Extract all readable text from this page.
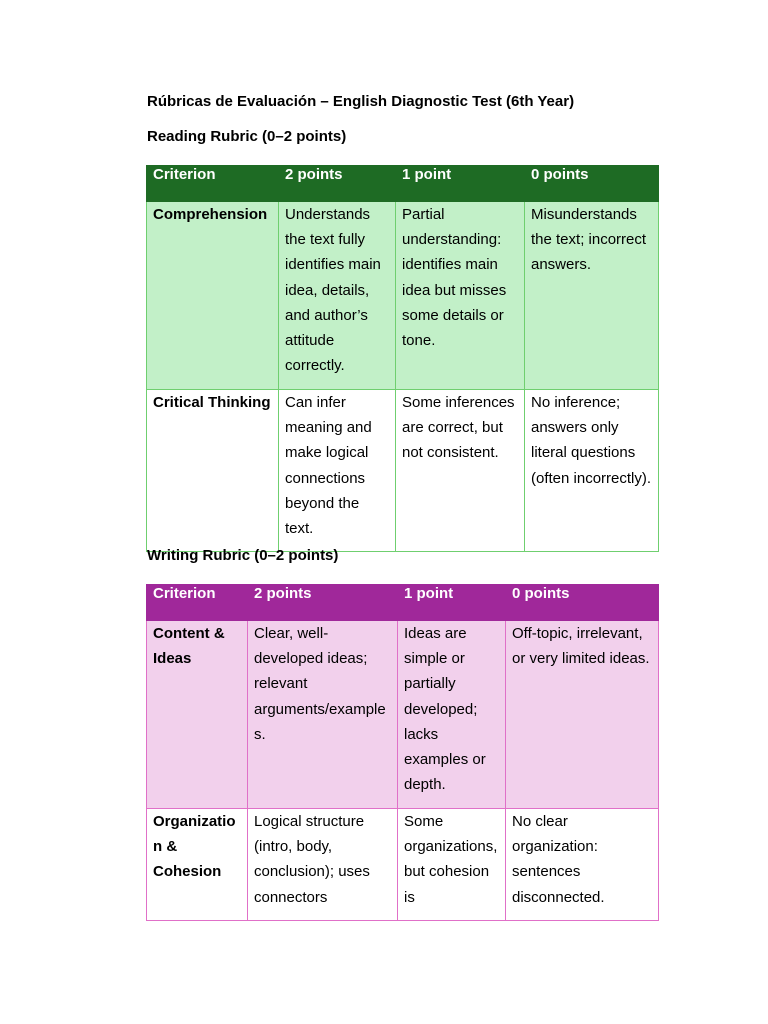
Rúbricas de Evaluación – English Diagnostic Test (6th Year)

Reading Rubric (0–2 points)

Criterion	2 points	1 point	0 points
Comprehension	Understands the text fully identifies main idea, details, and author’s attitude correctly.	Partial understanding: identifies main idea but misses some details or tone.	Misunderstands the text; incorrect answers.
Critical Thinking	Can infer meaning and make logical connections beyond the text.	Some inferences are correct, but not consistent.	No inference; answers only literal questions (often incorrectly).

Writing Rubric (0–2 points)

Criterion	2 points	1 point	0 points
Content & Ideas	Clear, well-developed ideas; relevant arguments/examples.	Ideas are simple or partially developed; lacks examples or depth.	Off-topic, irrelevant, or very limited ideas.
Organization & Cohesion	Logical structure (intro, body, conclusion); uses connectors	Some organizations, but cohesion is	No clear organization: sentences disconnected.
